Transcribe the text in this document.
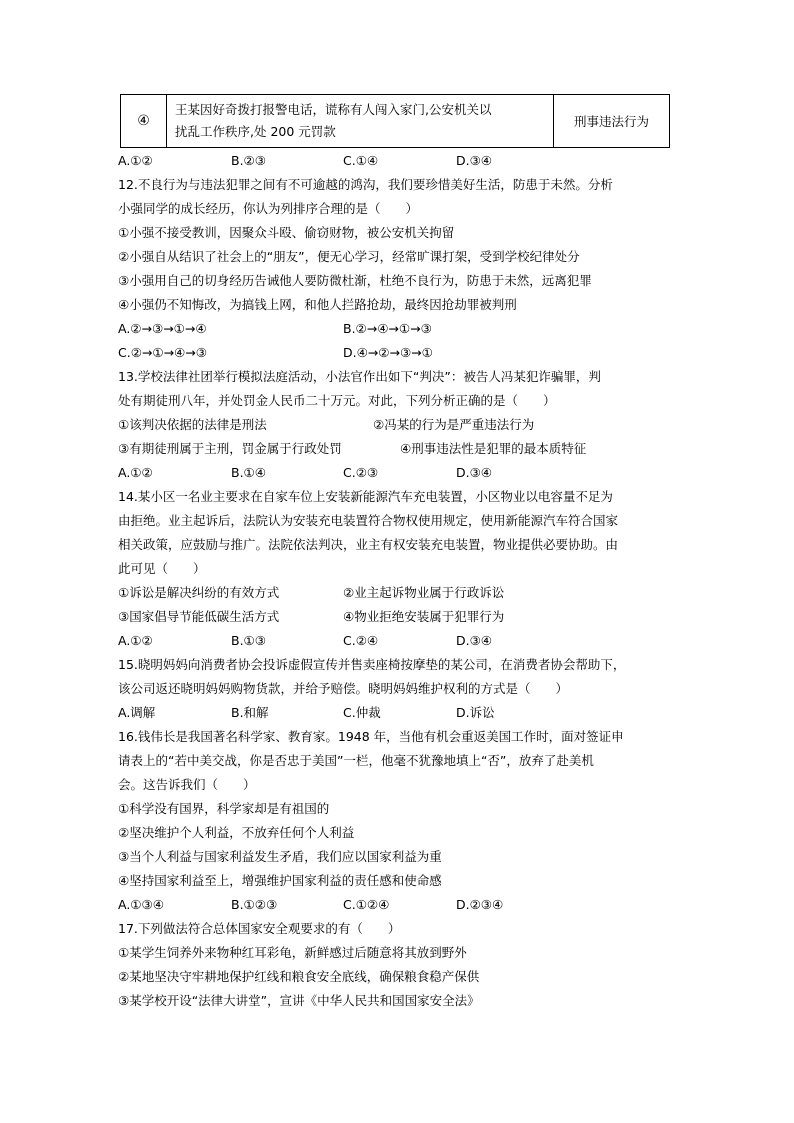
④	
王某因好奇拨打报警电话，谎称有人闯入家门,公安机关以
扰乱工作秩序,处 200 元罚款
	刑事违法行为
A.①②	B.②③	C.①④	D.③④
12.不良行为与违法犯罪之间有不可逾越的鸿沟，我们要珍惜美好生活，防患于未然。分析
小强同学的成长经历，你认为列排序合理的是（　　）
①小强不接受教训，因聚众斗殴、偷窃财物，被公安机关拘留
②小强自从结识了社会上的“朋友”，便无心学习，经常旷课打架，受到学校纪律处分
③小强用自己的切身经历告诫他人要防微杜渐，杜绝不良行为，防患于未然，远离犯罪
④小强仍不知悔改，为搞钱上网，和他人拦路抢劫，最终因抢劫罪被判刑
A.②→③→①→④	B.②→④→①→③
C.②→①→④→③	D.④→②→③→①
13.学校法律社团举行模拟法庭活动，小法官作出如下“判决”：被告人冯某犯诈骗罪，判
处有期徒刑八年，并处罚金人民币二十万元。对此，下列分析正确的是（　　）
①该判决依据的法律是刑法	②冯某的行为是严重违法行为
③有期徒刑属于主刑，罚金属于行政处罚	④刑事违法性是犯罪的最本质特征
A.①②	B.①④	C.②③	D.③④
14.某小区一名业主要求在自家车位上安装新能源汽车充电装置，小区物业以电容量不足为
由拒绝。业主起诉后，法院认为安装充电装置符合物权使用规定，使用新能源汽车符合国家
相关政策，应鼓励与推广。法院依法判决，业主有权安装充电装置，物业提供必要协助。由
此可见（　　）
①诉讼是解决纠纷的有效方式	②业主起诉物业属于行政诉讼
③国家倡导节能低碳生活方式	④物业拒绝安装属于犯罪行为
A.①②	B.①③	C.②④	D.③④
15.晓明妈妈向消费者协会投诉虚假宣传并售卖座椅按摩垫的某公司，在消费者协会帮助下，
该公司返还晓明妈妈购物货款，并给予赔偿。晓明妈妈维护权利的方式是（　　）
A.调解	B.和解	C.仲裁	D.诉讼
16.钱伟长是我国著名科学家、教育家。1948 年，当他有机会重返美国工作时，面对签证申
请表上的“若中美交战，你是否忠于美国”一栏，他毫不犹豫地填上“否”，放弃了赴美机
会。这告诉我们（　　）
①科学没有国界，科学家却是有祖国的
②坚决维护个人利益，不放弃任何个人利益
③当个人利益与国家利益发生矛盾，我们应以国家利益为重
④坚持国家利益至上，增强维护国家利益的责任感和使命感
A.①③④	B.①②③	C.①②④	D.②③④
17.下列做法符合总体国家安全观要求的有（　　）
①某学生饲养外来物种红耳彩龟，新鲜感过后随意将其放到野外
②某地坚决守牢耕地保护红线和粮食安全底线，确保粮食稳产保供
③某学校开设“法律大讲堂”，宣讲《中华人民共和国国家安全法》
